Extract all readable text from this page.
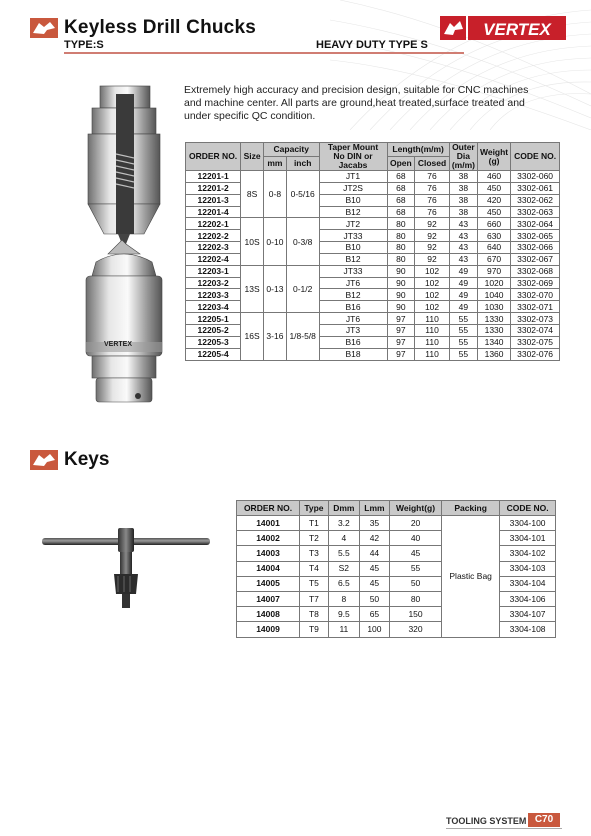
Keyless Drill Chucks
TYPE:S	HEAVY DUTY TYPE S
VERTEX
Extremely high accuracy and precision design, suitable for CNC machines and machine center. All parts are ground,heat treated,surface treated and under specific QC condition.
VERTEX
ORDER NO.	Size	Capacity		Taper Mount No DIN or Jacabs	Length(m/m)		Outer Dia (m/m)	Weight (g)	CODE NO.
		mm	inch		Open	Closed			
12201-1	8S	0-8	0-5/16	JT1	68	76	38	460	3302-060
12201-2				JT2S	68	76	38	450	3302-061
12201-3				B10	68	76	38	420	3302-062
12201-4				B12	68	76	38	450	3302-063
12202-1	10S	0-10	0-3/8	JT2	80	92	43	660	3302-064
12202-2				JT33	80	92	43	630	3302-065
12202-3				B10	80	92	43	640	3302-066
12202-4				B12	80	92	43	670	3302-067
12203-1	13S	0-13	0-1/2	JT33	90	102	49	970	3302-068
12203-2				JT6	90	102	49	1020	3302-069
12203-3				B12	90	102	49	1040	3302-070
12203-4				B16	90	102	49	1030	3302-071
12205-1	16S	3-16	1/8-5/8	JT6	97	110	55	1330	3302-073
12205-2				JT3	97	110	55	1330	3302-074
12205-3				B16	97	110	55	1340	3302-075
12205-4				B18	97	110	55	1360	3302-076
Keys
ORDER NO.	Type	Dmm	Lmm	Weight(g)	Packing	CODE NO.
14001	T1	3.2	35	20	Plastic Bag	3304-100
14002	T2	4	42	40		3304-101
14003	T3	5.5	44	45		3304-102
14004	T4	S2	45	55		3304-103
14005	T5	6.5	45	50		3304-104
14007	T7	8	50	80		3304-106
14008	T8	9.5	65	150		3304-107
14009	T9	11	100	320		3304-108
TOOLING SYSTEM C70
